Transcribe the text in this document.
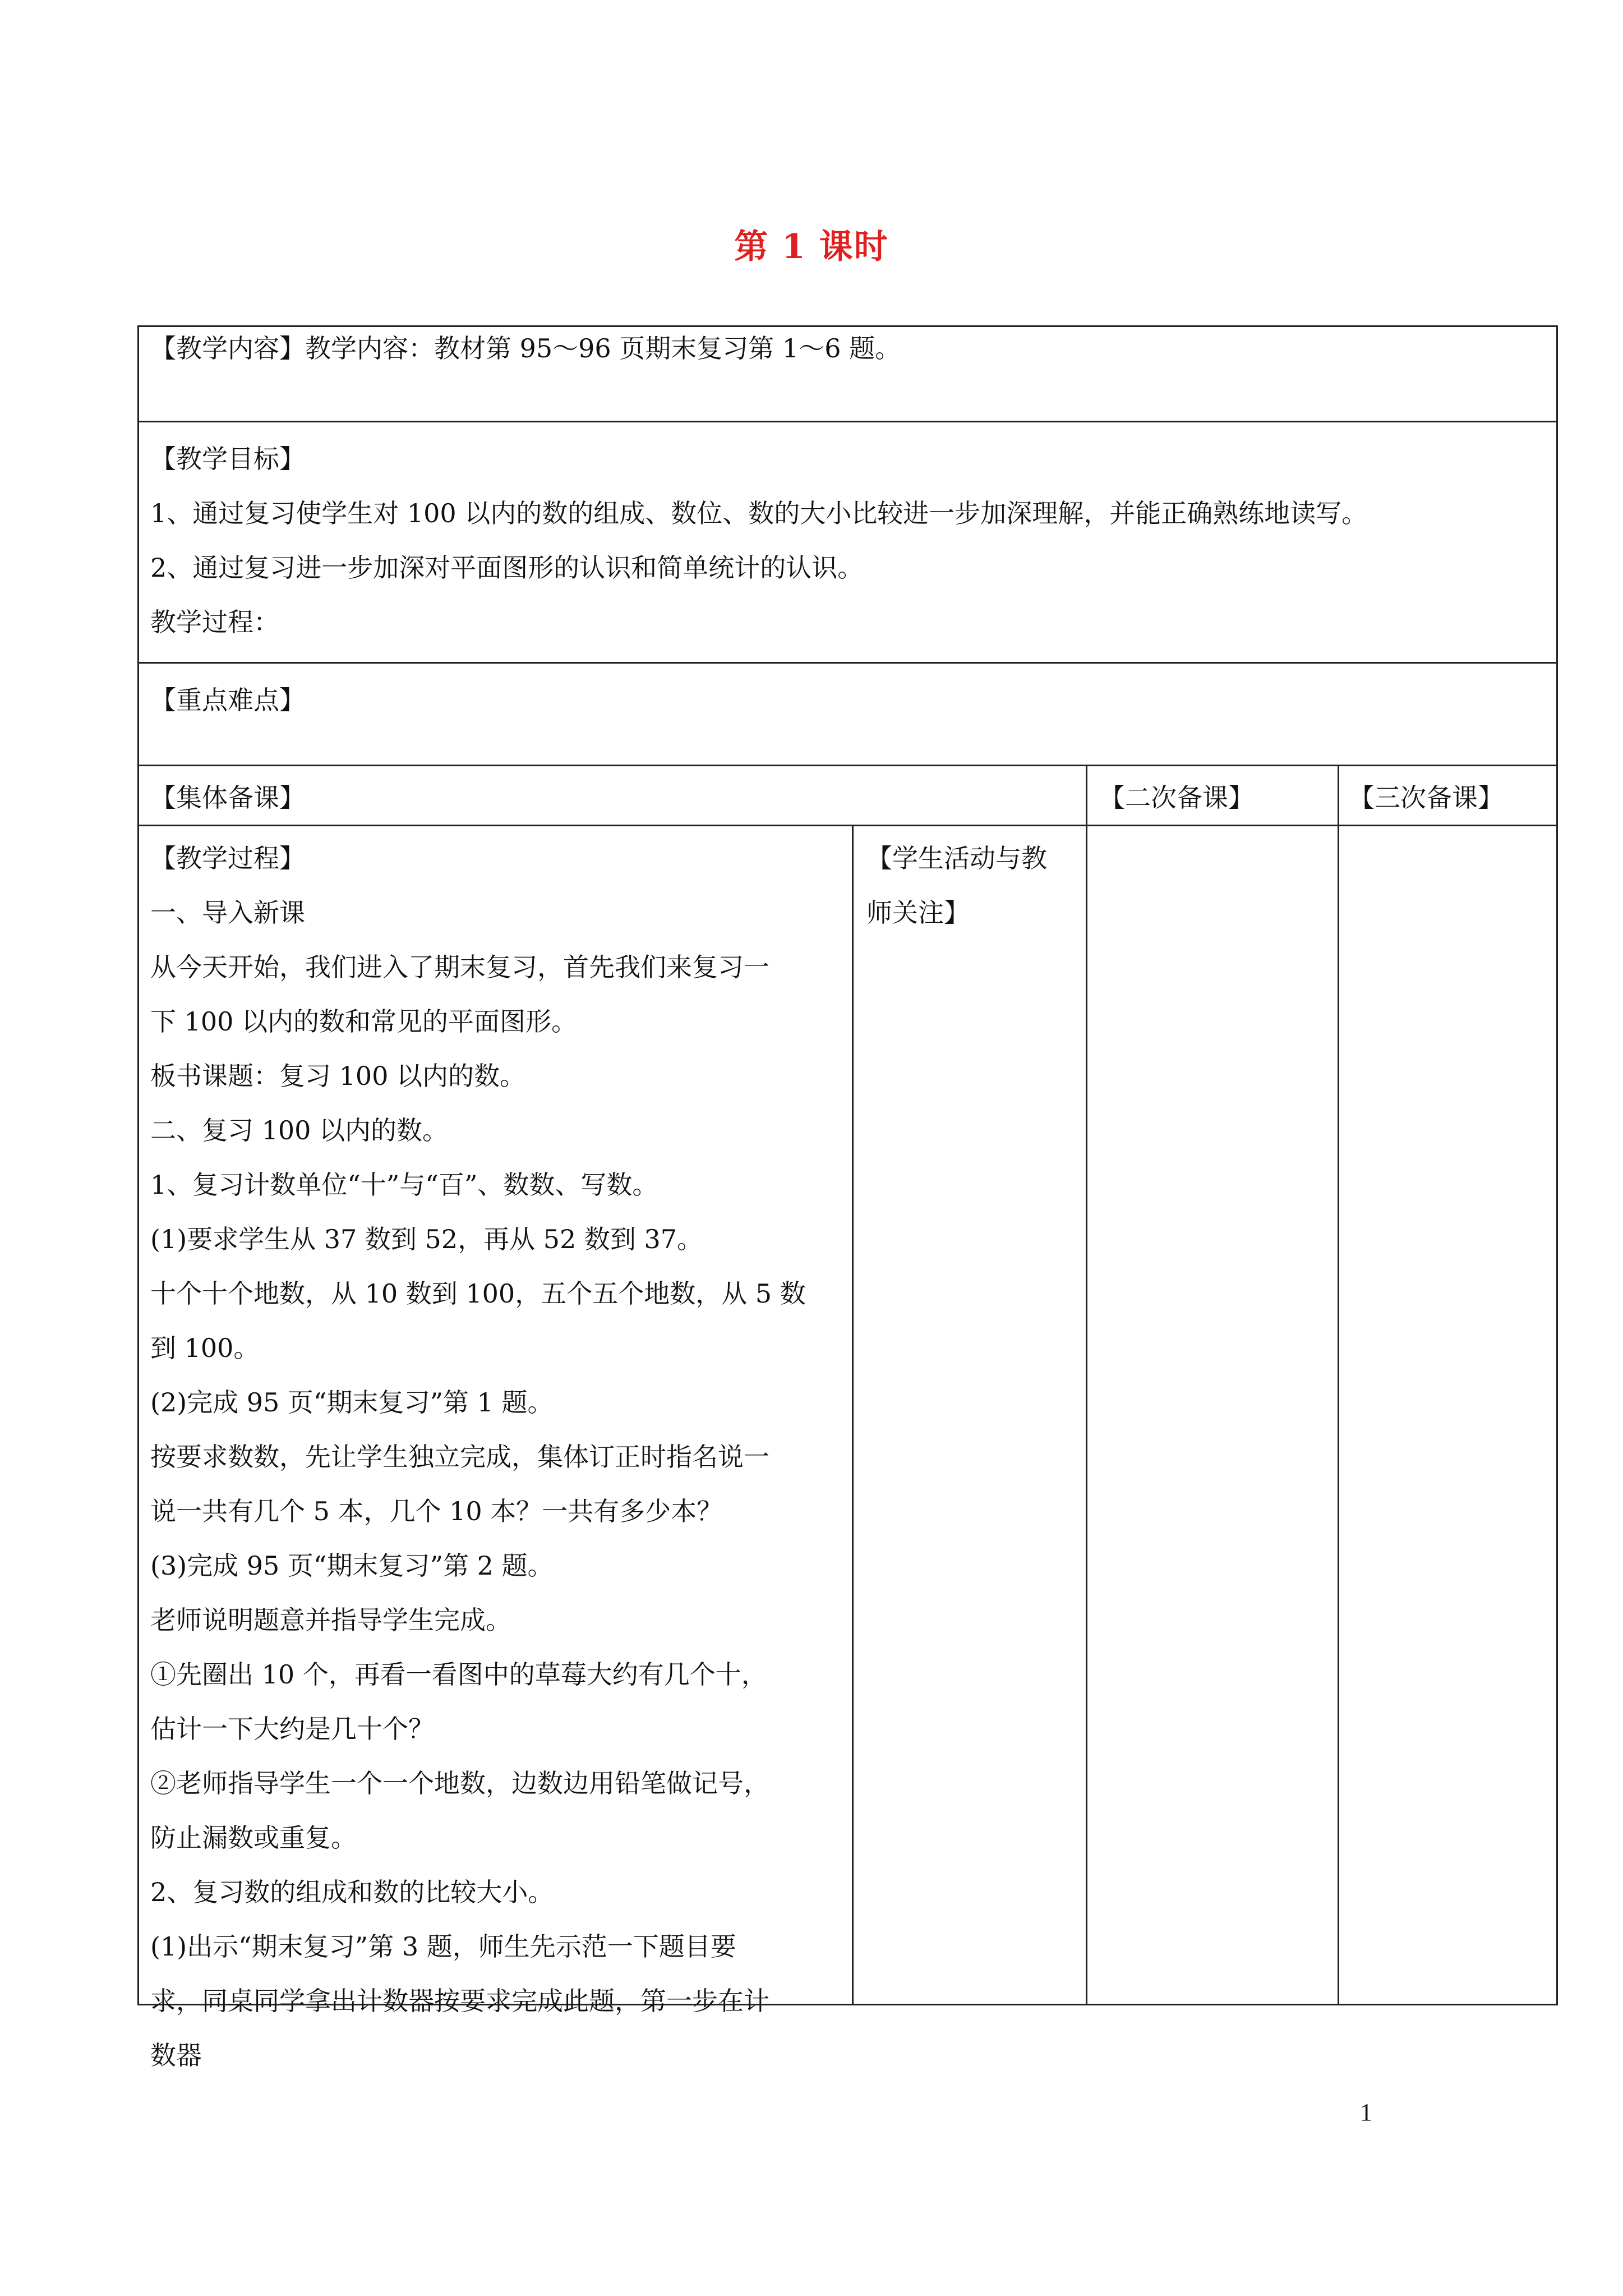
第 1 课时
【教学内容】教学内容：教材第 95～96 页期末复习第 1～6 题。
【教学目标】
1、通过复习使学生对 100 以内的数的组成、数位、数的大小比较进一步加深理解，并能正确熟练地读写。
2、通过复习进一步加深对平面图形的认识和简单统计的认识。
教学过程：
【重点难点】
【集体备课】	【二次备课】	【三次备课】
【教学过程】
一、导入新课
从今天开始，我们进入了期末复习，首先我们来复习一
下 100 以内的数和常见的平面图形。
板书课题：复习 100 以内的数。
二、复习 100 以内的数。
1、复习计数单位“十”与“百”、数数、写数。
(1)要求学生从 37 数到 52，再从 52 数到 37。
十个十个地数，从 10 数到 100，五个五个地数，从 5 数
到 100。
(2)完成 95 页“期末复习”第 1 题。
按要求数数，先让学生独立完成，集体订正时指名说一
说一共有几个 5 本，几个 10 本？一共有多少本？
(3)完成 95 页“期末复习”第 2 题。
老师说明题意并指导学生完成。
①先圈出 10 个，再看一看图中的草莓大约有几个十，
估计一下大约是几十个？
②老师指导学生一个一个地数，边数边用铅笔做记号，
防止漏数或重复。
2、复习数的组成和数的比较大小。
(1)出示“期末复习”第 3 题，师生先示范一下题目要
求，同桌同学拿出计数器按要求完成此题，第一步在计
数器
【学生活动与教
师关注】
1
